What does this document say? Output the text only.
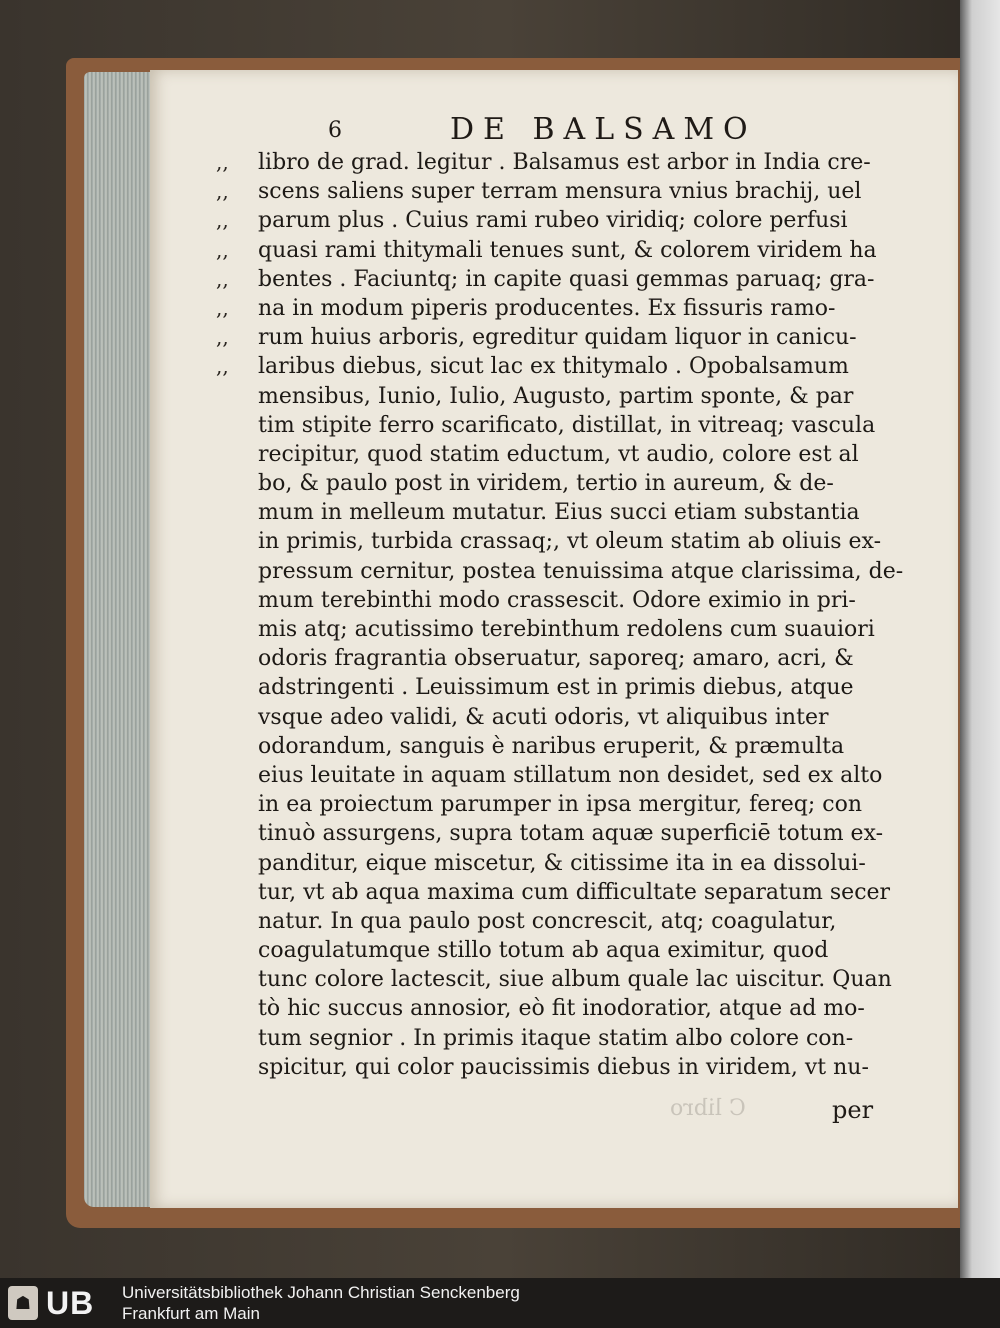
6	DE BALSAMO
,, libro de grad. legitur . Balsamus est arbor in India cre-
,, scens saliens super terram mensura vnius brachij, uel
,, parum plus . Cuius rami rubeo viridiq; colore perfusi
,, quasi rami thitymali tenues sunt, & colorem viridem ha
,, bentes . Faciuntq; in capite quasi gemmas paruaq; gra-
,, na in modum piperis producentes. Ex fissuris ramo-
,, rum huius arboris, egreditur quidam liquor in canicu-
,, laribus diebus, sicut lac ex thitymalo . Opobalsamum
mensibus, Iunio, Iulio, Augusto, partim sponte, & par
tim stipite ferro scarificato, distillat, in vitreaq; vascula
recipitur, quod statim eductum, vt audio, colore est al
bo, & paulo post in viridem, tertio in aureum, & de-
mum in melleum mutatur. Eius succi etiam substantia
in primis, turbida crassaq;, vt oleum statim ab oliuis ex-
pressum cernitur, postea tenuissima atque clarissima, de-
mum terebinthi modo crassescit. Odore eximio in pri-
mis atq; acutissimo terebinthum redolens cum suauiori
odoris fragrantia obseruatur, saporeq; amaro, acri, &
adstringenti . Leuissimum est in primis diebus, atque
vsque adeo validi, & acuti odoris, vt aliquibus inter
odorandum, sanguis è naribus eruperit, & præmulta
eius leuitate in aquam stillatum non desidet, sed ex alto
in ea proiectum parumper in ipsa mergitur, fereq; con
tinuò assurgens, supra totam aquæ superficiē totum ex-
panditur, eique miscetur, & citissime ita in ea dissolui-
tur, vt ab aqua maxima cum difficultate separatum secer
natur. In qua paulo post concrescit, atq; coagulatur,
coagulatumque stillo totum ab aqua eximitur, quod
tunc colore lactescit, siue album quale lac uiscitur. Quan
tò hic succus annosior, eò fit inodoratior, atque ad mo-
tum segnior . In primis itaque statim albo colore con-
spicitur, qui color paucissimis diebus in viridem, vt nu-
C libro	per
☗ UB Universitätsbibliothek Johann Christian Senckenberg
Frankfurt am Main
